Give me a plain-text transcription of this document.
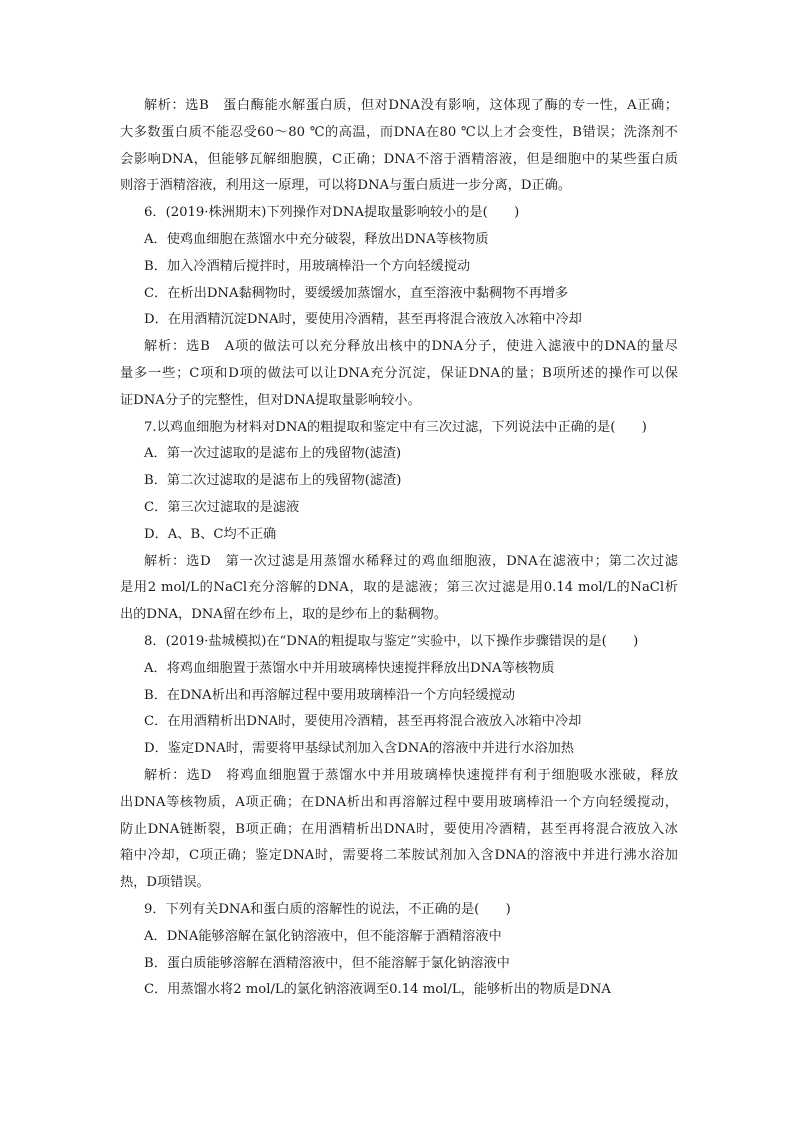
解析：选B　蛋白酶能水解蛋白质，但对DNA没有影响，这体现了酶的专一性，A正确；
大多数蛋白质不能忍受60～80 ℃的高温，而DNA在80 ℃以上才会变性，B错误；洗涤剂不
会影响DNA，但能够瓦解细胞膜，C正确；DNA不溶于酒精溶液，但是细胞中的某些蛋白质
则溶于酒精溶液，利用这一原理，可以将DNA与蛋白质进一步分离，D正确。
6．(2019·株洲期末)下列操作对DNA提取量影响较小的是(　　)
A．使鸡血细胞在蒸馏水中充分破裂，释放出DNA等核物质
B．加入冷酒精后搅拌时，用玻璃棒沿一个方向轻缓搅动
C．在析出DNA黏稠物时，要缓缓加蒸馏水，直至溶液中黏稠物不再增多
D．在用酒精沉淀DNA时，要使用冷酒精，甚至再将混合液放入冰箱中冷却
解析：选B　A项的做法可以充分释放出核中的DNA分子，使进入滤液中的DNA的量尽
量多一些；C项和D项的做法可以让DNA充分沉淀，保证DNA的量；B项所述的操作可以保
证DNA分子的完整性，但对DNA提取量影响较小。
7.以鸡血细胞为材料对DNA的粗提取和鉴定中有三次过滤，下列说法中正确的是(　　)
A．第一次过滤取的是滤布上的残留物(滤渣)
B．第二次过滤取的是滤布上的残留物(滤渣)
C．第三次过滤取的是滤液
D．A、B、C均不正确
解析：选D　第一次过滤是用蒸馏水稀释过的鸡血细胞液，DNA在滤液中；第二次过滤
是用2 mol/L的NaCl充分溶解的DNA，取的是滤液；第三次过滤是用0.14 mol/L的NaCl析
出的DNA，DNA留在纱布上，取的是纱布上的黏稠物。
8．(2019·盐城模拟)在“DNA的粗提取与鉴定”实验中，以下操作步骤错误的是(　　)
A．将鸡血细胞置于蒸馏水中并用玻璃棒快速搅拌释放出DNA等核物质
B．在DNA析出和再溶解过程中要用玻璃棒沿一个方向轻缓搅动
C．在用酒精析出DNA时，要使用冷酒精，甚至再将混合液放入冰箱中冷却
D．鉴定DNA时，需要将甲基绿试剂加入含DNA的溶液中并进行水浴加热
解析：选D　将鸡血细胞置于蒸馏水中并用玻璃棒快速搅拌有利于细胞吸水涨破，释放
出DNA等核物质，A项正确；在DNA析出和再溶解过程中要用玻璃棒沿一个方向轻缓搅动，
防止DNA链断裂，B项正确；在用酒精析出DNA时，要使用冷酒精，甚至再将混合液放入冰
箱中冷却，C项正确；鉴定DNA时，需要将二苯胺试剂加入含DNA的溶液中并进行沸水浴加
热，D项错误。
9．下列有关DNA和蛋白质的溶解性的说法，不正确的是(　　)
A．DNA能够溶解在氯化钠溶液中，但不能溶解于酒精溶液中
B．蛋白质能够溶解在酒精溶液中，但不能溶解于氯化钠溶液中
C．用蒸馏水将2 mol/L的氯化钠溶液调至0.14 mol/L，能够析出的物质是DNA
